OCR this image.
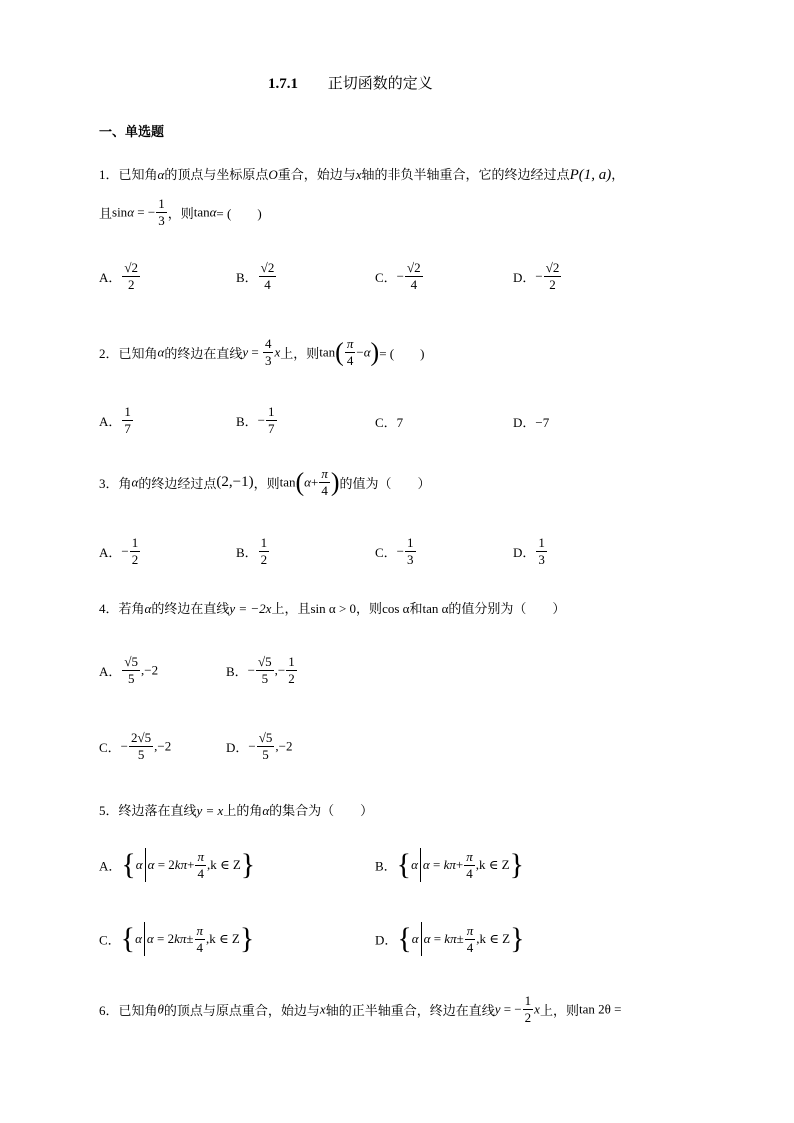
1.7.1 正切函数的定义
一、单选题
1．已知角α的顶点与坐标原点O重合，始边与x轴的非负半轴重合，它的终边经过点P(1, a)，
且sinα = − $\frac{1}{3}$ ，则tanα= (　　)
A． $\frac{√2}{2}$	B． $\frac{√2}{4}$	C．− $\frac{√2}{4}$	D．− $\frac{√2}{2}$
2．已知角α的终边在直线$y = \frac{4}{3}$ x上，则$\tan( \frac{\pi}{4} -\alpha)=$ (　　)
A． $\frac{1}{7}$	B．− $\frac{1}{7}$	C．7	D．−7
3．角α的终边经过点(2,−1)，则$\tan(\alpha+ \frac{\pi}{4}$ )的值为（　　）
A．− $\frac{1}{2}$	B． $\frac{1}{2}$	C．− $\frac{1}{3}$	D． $\frac{1}{3}$
4．若角α的终边在直线y = −2x上，且sin α > 0，则cos α和tan α的值分别为（　　）
A． $\frac{√5}{5} ,-2$	B．− $\frac{√5}{5}$ ,− $\frac{1}{2}$
C．− $\frac{2√5}{5} ,-2$	D．− $\frac{√5}{5} ,-2$
5．终边落在直线y = x上的角α的集合为（　　）
A．{α $\alpha = 2k\pi+ \frac{\pi}{4} ,k$ ∈ Z}	B．{α $\alpha = k\pi+ \frac{\pi}{4} ,k$ ∈ Z}
C．{α $\alpha = 2k\pi\pm \frac{\pi}{4} ,k$ ∈ Z}	D．{α $\alpha = k\pi\pm \frac{\pi}{4} ,k$ ∈ Z}
6．已知角θ的顶点与原点重合，始边与x轴的正半轴重合，终边在直线y = − $\frac{1}{2}$ x上，则tan 2θ =
